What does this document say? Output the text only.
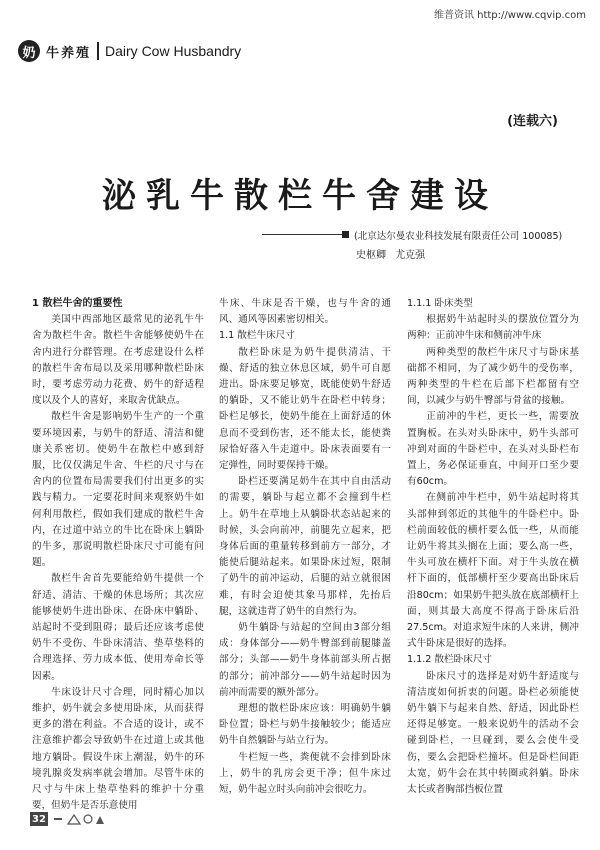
维普资讯 http://www.cqvip.com
奶 牛养殖 Dairy Cow Husbandry
(连载六)
泌乳牛散栏牛舍建设
(北京达尔曼农业科技发展有限责任公司 100085)
史枢卿 尤克强

1 散栏牛舍的重要性

美国中西部地区最常见的泌乳牛牛舍为散栏牛舍。散栏牛舍能够使奶牛在舍内进行分群管理。在考虑建设什么样的散栏牛舍布局以及采用哪种散栏卧床时，要考虑劳动力花费、奶牛的舒适程度以及个人的喜好，来取舍优缺点。

散栏牛舍是影响奶牛生产的一个重要环境因素，与奶牛的舒适、清洁和健康关系密切。使奶牛在散栏中感到舒服，比仅仅满足牛舍、牛栏的尺寸与在舍内的位置布局需要我们付出更多的实践与精力。一定要花时间来观察奶牛如何利用散栏，假如我们建成的散栏牛舍内，在过道中站立的牛比在卧床上躺卧的牛多，那说明散栏卧床尺寸可能有问题。

散栏牛舍首先要能给奶牛提供一个舒适、清洁、干燥的休息场所；其次应能够使奶牛进出卧床、在卧床中躺卧、站起时不受到阻碍；最后还应该考虑使奶牛不受伤、牛卧床清洁、垫草垫料的合理选择、劳力成本低、使用寿命长等因素。

牛床设计尺寸合理，同时精心加以维护，奶牛就会多使用卧床，从而获得更多的潜在利益。不合适的设计，或不注意维护都会导致奶牛在过道上或其他地方躺卧。假设牛床上潮湿，奶牛的环境乳腺炎发病率就会增加。尽管牛床的尺寸与牛床上垫草垫料的维护十分重要，但奶牛是否乐意使用

牛床、牛床是否干燥，也与牛舍的通风、通风等因素密切相关。

1.1 散栏牛床尺寸

散栏卧床是为奶牛提供清洁、干燥、舒适的独立休息区域，奶牛可自愿进出。卧床要足够宽，既能使奶牛舒适的躺卧，又不能让奶牛在卧栏中转身；卧栏足够长，使奶牛能在上面舒适的休息而不受到伤害，还不能太长，能使粪尿恰好落入牛走道中。卧床表面要有一定弹性，同时要保持干燥。

卧栏还要满足奶牛在其中自由活动的需要，躺卧与起立都不会撞到牛栏上。奶牛在草地上从躺卧状态站起来的时候，头会向前冲，前腿先立起来，把身体后面的重量转移到前方一部分，才能使后腿站起来。如果卧床过短，限制了奶牛的前冲运动，后腿的站立就很困难，有时会迫使其象马那样，先抬后腿，这就违背了奶牛的自然行为。

奶牛躺卧与站起的空间由3部分组成：身体部分——奶牛臀部到前腿膝盖部分；头部——奶牛身体前部头所占据的部分；前冲部分——奶牛站起时因为前冲而需要的额外部分。

理想的散栏卧床应该：明确奶牛躺卧位置；卧栏与奶牛接触较少；能适应奶牛自然躺卧与站立行为。

牛栏短一些，粪便就不会排到卧床上，奶牛的乳房会更干净；但牛床过短，奶牛起立时头向前冲会很吃力。

1.1.1 卧床类型

根据奶牛站起时头的摆放位置分为两种：正前冲牛床和侧前冲牛床

两种类型的散栏牛床尺寸与卧床基础都不相同，为了减少奶牛的受伤率，两种类型的牛栏在后部下栏都留有空间，以减少与奶牛臀部与骨盆的接触。

正前冲的牛栏，更长一些，需要放置胸板。在头对头卧床中，奶牛头部可冲到对面的牛卧栏中，在头对头卧栏布置上，务必保证垂直，中间开口至少要有60cm。

在侧前冲牛栏中，奶牛站起时将其头部伸到邻近的其他牛的牛卧栏中。卧栏前面较低的横杆要么低一些，从而能让奶牛将其头搁在上面；要么高一些，牛头可放在横杆下面。对于牛头放在横杆下面的，低部横杆至少要高出卧床后沿80cm；如果奶牛把头放在底部横杆上面，则其最大高度不得高于卧床后沿27.5cm。对追求短牛床的人来讲，侧冲式牛卧床是很好的选择。

1.1.2 散栏卧床尺寸

卧床尺寸的选择是对奶牛舒适度与清洁度如何折衷的问题。卧栏必须能使奶牛躺下与起来自然、舒适，因此卧栏还得足够宽。一般来说奶牛的活动不会碰到卧栏，一旦碰到，要么会使牛受伤，要么会把卧栏撞坏。但是卧栏间距太宽，奶牛会在其中转圈或斜躺。卧床太长或者胸部挡板位置

32
